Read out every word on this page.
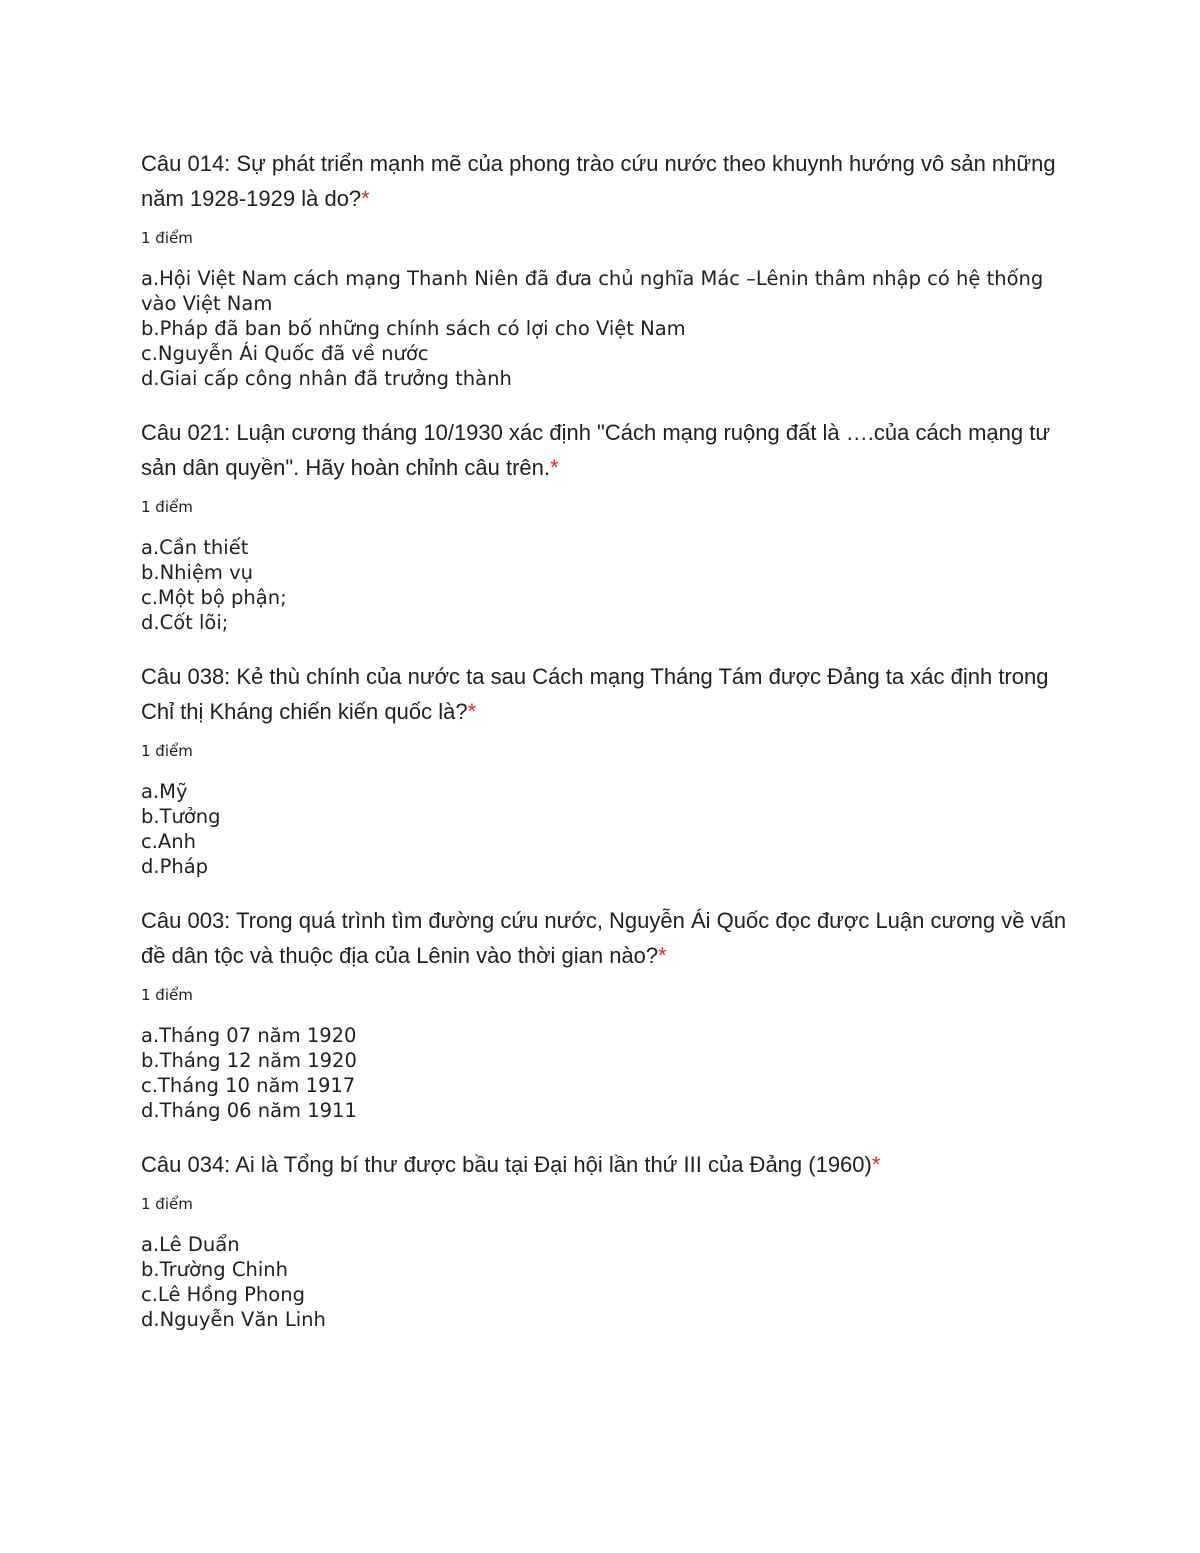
Câu 014: Sự phát triển mạnh mẽ của phong trào cứu nước theo khuynh hướng vô sản những năm 1928-1929 là do?*

1 điểm

a.Hội Việt Nam cách mạng Thanh Niên đã đưa chủ nghĩa Mác –Lênin thâm nhập có hệ thống vào Việt Nam
b.Pháp đã ban bố những chính sách có lợi cho Việt Nam
c.Nguyễn Ái Quốc đã về nước
d.Giai cấp công nhân đã trưởng thành

Câu 021: Luận cương tháng 10/1930 xác định "Cách mạng ruộng đất là ….của cách mạng tư sản dân quyền". Hãy hoàn chỉnh câu trên.*

1 điểm

a.Cần thiết
b.Nhiệm vụ
c.Một bộ phận;
d.Cốt lõi;

Câu 038: Kẻ thù chính của nước ta sau Cách mạng Tháng Tám được Đảng ta xác định trong Chỉ thị Kháng chiến kiến quốc là?*

1 điểm

a.Mỹ
b.Tưởng
c.Anh
d.Pháp

Câu 003: Trong quá trình tìm đường cứu nước, Nguyễn Ái Quốc đọc được Luận cương về vấn đề dân tộc và thuộc địa của Lênin vào thời gian nào?*

1 điểm

a.Tháng 07 năm 1920
b.Tháng 12 năm 1920
c.Tháng 10 năm 1917
d.Tháng 06 năm 1911

Câu 034: Ai là Tổng bí thư được bầu tại Đại hội lần thứ III của Đảng (1960)*

1 điểm

a.Lê Duẩn
b.Trường Chinh
c.Lê Hồng Phong
d.Nguyễn Văn Linh
